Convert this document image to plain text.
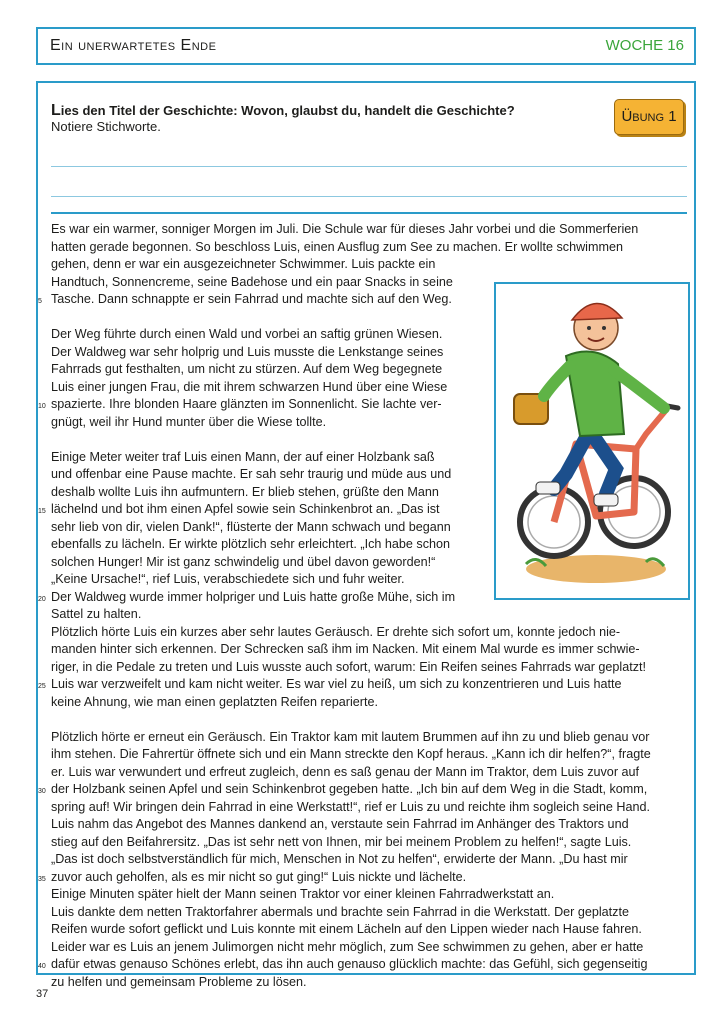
Ein unerwartetes Ende	WOCHE 16
Lies den Titel der Geschichte: Wovon, glaubst du, handelt die Geschichte?
Notiere Stichworte.
Übung 1
Es war ein warmer, sonniger Morgen im Juli. Die Schule war für dieses Jahr vorbei und die Sommerferien
hatten gerade begonnen. So beschloss Luis, einen Ausflug zum See zu machen. Er wollte schwimmen
gehen, denn er war ein ausgezeichneter Schwimmer. Luis packte ein
Handtuch, Sonnencreme, seine Badehose und ein paar Snacks in seine
5 Tasche. Dann schnappte er sein Fahrrad und machte sich auf den Weg.
Der Weg führte durch einen Wald und vorbei an saftig grünen Wiesen.
Der Waldweg war sehr holprig und Luis musste die Lenkstange seines
Fahrrads gut festhalten, um nicht zu stürzen. Auf dem Weg begegnete
Luis einer jungen Frau, die mit ihrem schwarzen Hund über eine Wiese
10 spazierte. Ihre blonden Haare glänzten im Sonnenlicht. Sie lachte ver-
gnügt, weil ihr Hund munter über die Wiese tollte.
Einige Meter weiter traf Luis einen Mann, der auf einer Holzbank saß
und offenbar eine Pause machte. Er sah sehr traurig und müde aus und
deshalb wollte Luis ihn aufmuntern. Er blieb stehen, grüßte den Mann
15 lächelnd und bot ihm einen Apfel sowie sein Schinkenbrot an. „Das ist
sehr lieb von dir, vielen Dank!“, flüsterte der Mann schwach und begann
ebenfalls zu lächeln. Er wirkte plötzlich sehr erleichtert. „Ich habe schon
solchen Hunger! Mir ist ganz schwindelig und übel davon geworden!“
„Keine Ursache!“, rief Luis, verabschiedete sich und fuhr weiter.
20 Der Waldweg wurde immer holpriger und Luis hatte große Mühe, sich im
Sattel zu halten.
Plötzlich hörte Luis ein kurzes aber sehr lautes Geräusch. Er drehte sich sofort um, konnte jedoch nie-
manden hinter sich erkennen. Der Schrecken saß ihm im Nacken. Mit einem Mal wurde es immer schwie-
riger, in die Pedale zu treten und Luis wusste auch sofort, warum: Ein Reifen seines Fahrrads war geplatzt!
25 Luis war verzweifelt und kam nicht weiter. Es war viel zu heiß, um sich zu konzentrieren und Luis hatte
keine Ahnung, wie man einen geplatzten Reifen reparierte.
Plötzlich hörte er erneut ein Geräusch. Ein Traktor kam mit lautem Brummen auf ihn zu und blieb genau vor
ihm stehen. Die Fahrertür öffnete sich und ein Mann streckte den Kopf heraus. „Kann ich dir helfen?“, fragte
er. Luis war verwundert und erfreut zugleich, denn es saß genau der Mann im Traktor, dem Luis zuvor auf
30 der Holzbank seinen Apfel und sein Schinkenbrot gegeben hatte. „Ich bin auf dem Weg in die Stadt, komm,
spring auf! Wir bringen dein Fahrrad in eine Werkstatt!“, rief er Luis zu und reichte ihm sogleich seine Hand.
Luis nahm das Angebot des Mannes dankend an, verstaute sein Fahrrad im Anhänger des Traktors und
stieg auf den Beifahrersitz. „Das ist sehr nett von Ihnen, mir bei meinem Problem zu helfen!“, sagte Luis.
„Das ist doch selbstverständlich für mich, Menschen in Not zu helfen“, erwiderte der Mann. „Du hast mir
35 zuvor auch geholfen, als es mir nicht so gut ging!“ Luis nickte und lächelte.
Einige Minuten später hielt der Mann seinen Traktor vor einer kleinen Fahrradwerkstatt an.
Luis dankte dem netten Traktorfahrer abermals und brachte sein Fahrrad in die Werkstatt. Der geplatzte
Reifen wurde sofort geflickt und Luis konnte mit einem Lächeln auf den Lippen wieder nach Hause fahren.
Leider war es Luis an jenem Julimorgen nicht mehr möglich, zum See schwimmen zu gehen, aber er hatte
40 dafür etwas genauso Schönes erlebt, das ihn auch genauso glücklich machte: das Gefühl, sich gegenseitig
zu helfen und gemeinsam Probleme zu lösen.
37
